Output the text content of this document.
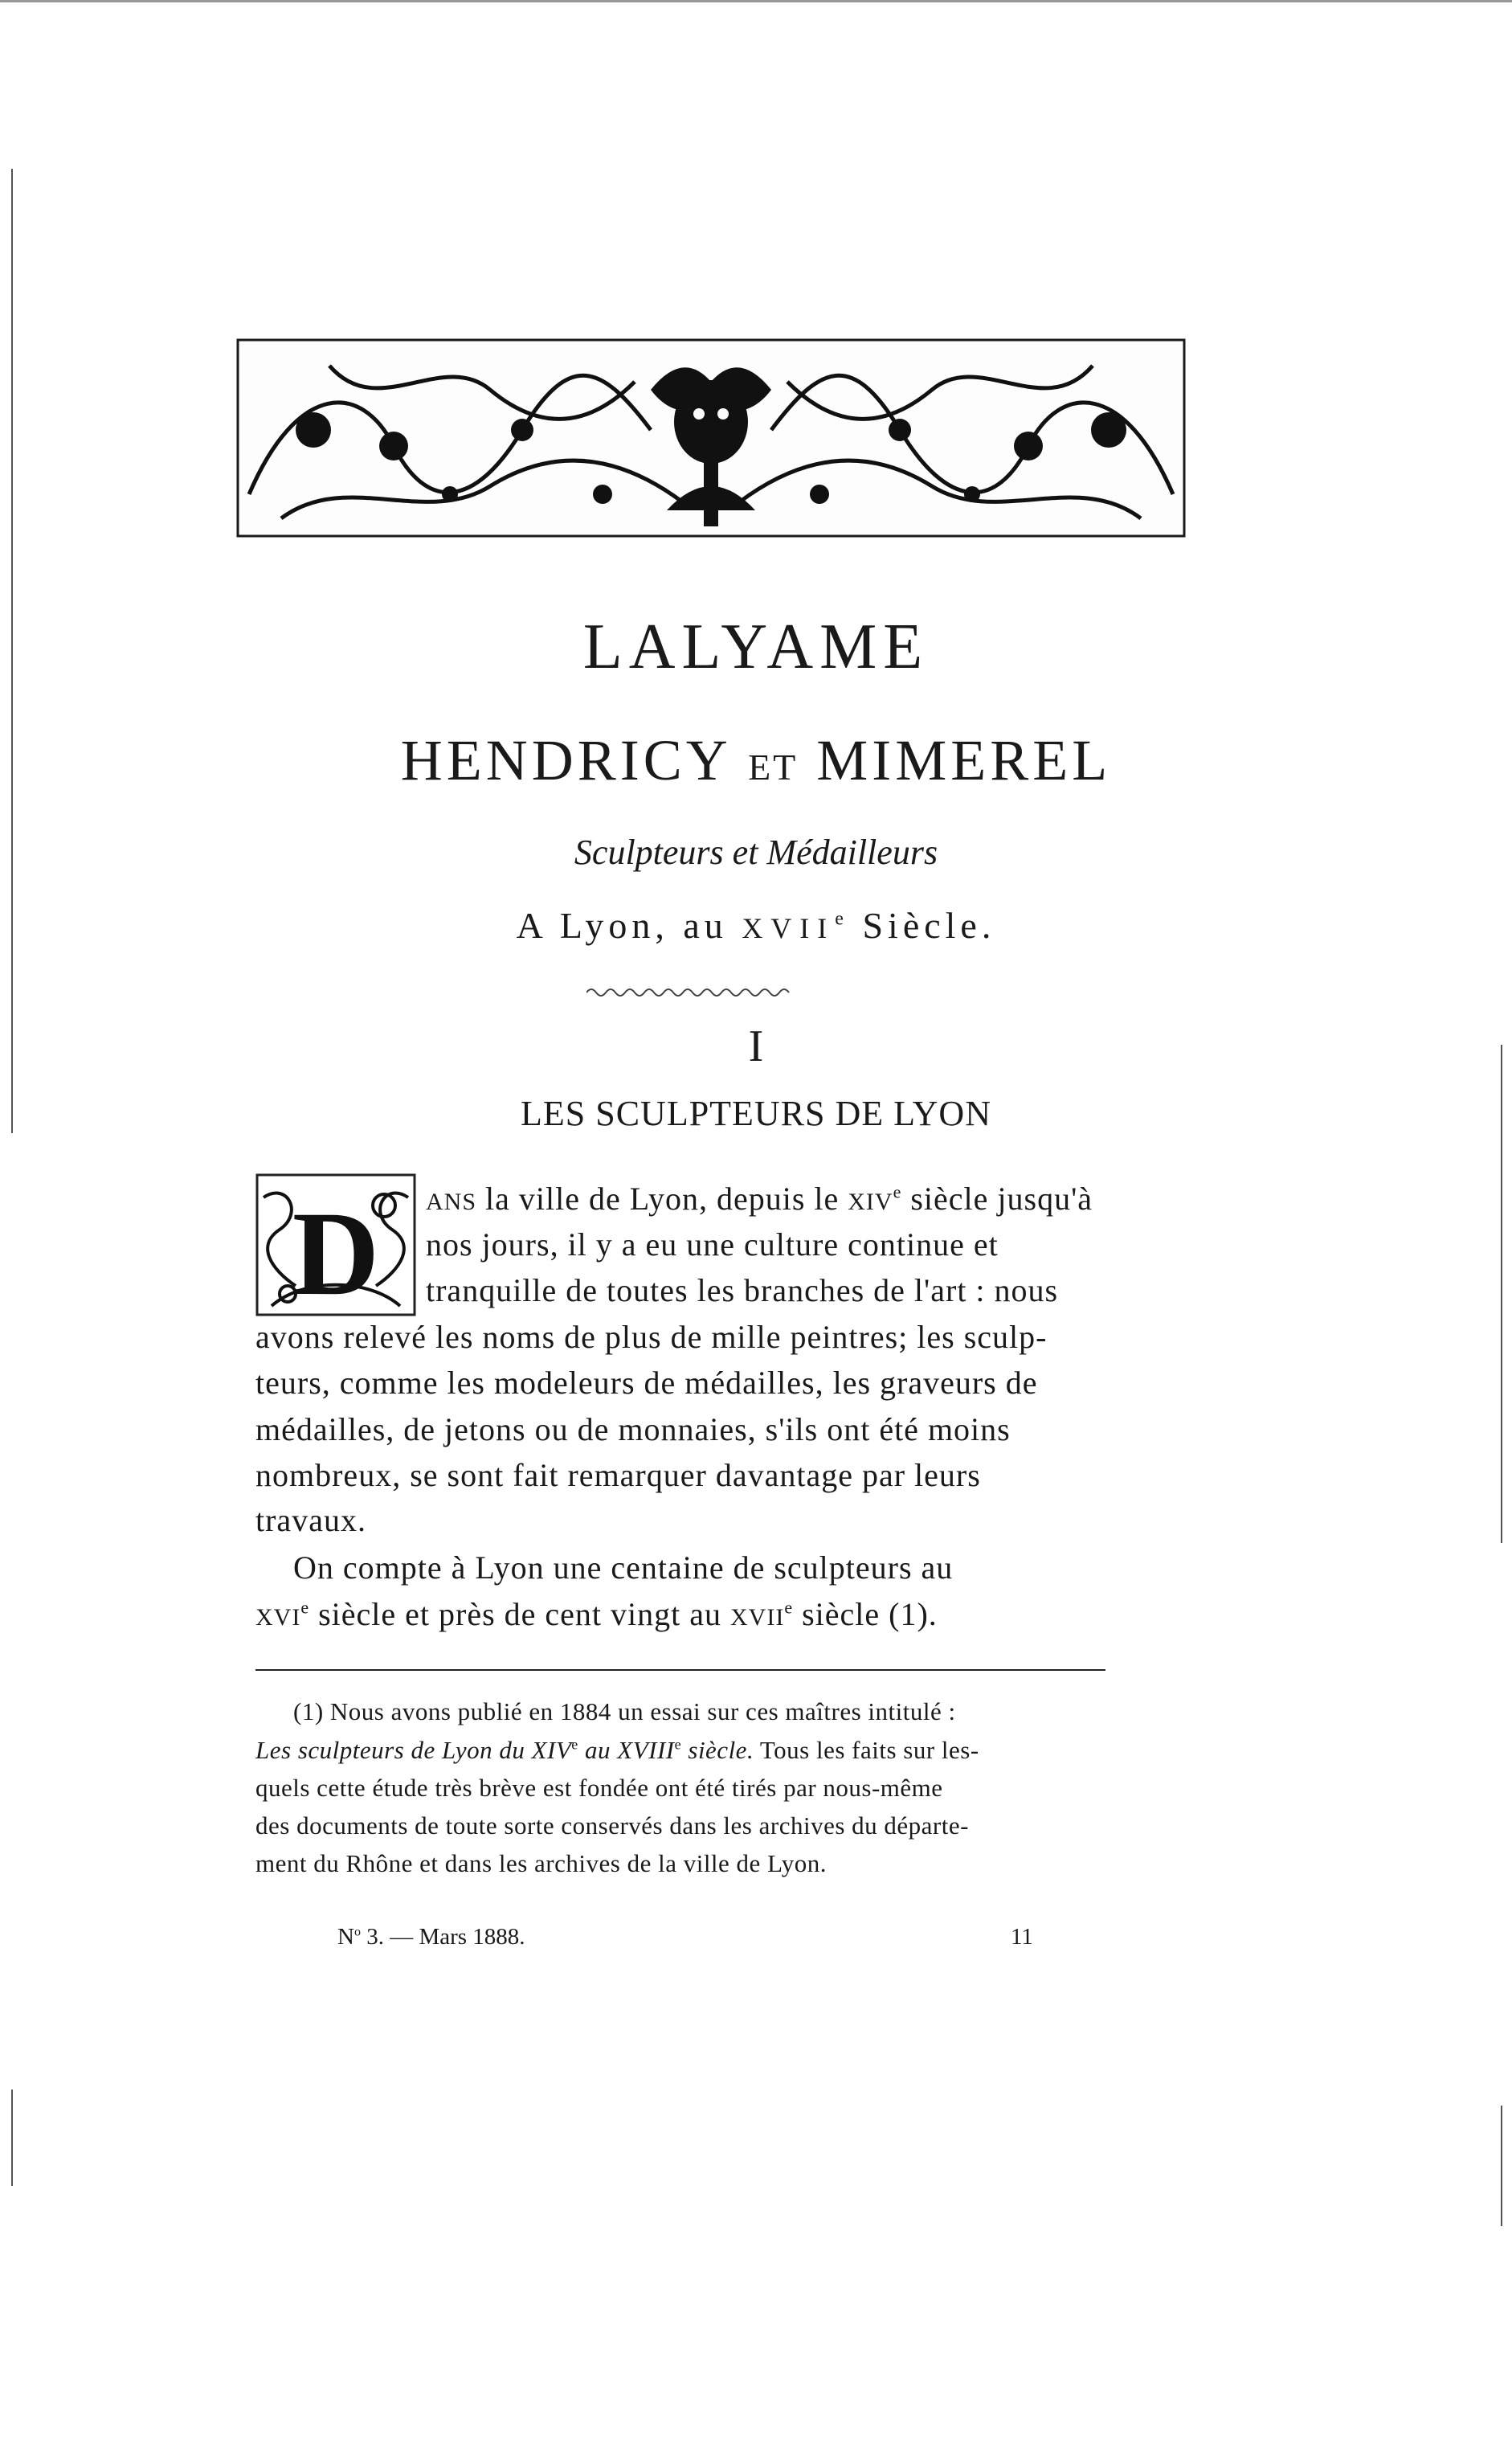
LALYAME
HENDRICY ET MIMEREL
Sculpteurs et Médailleurs
A Lyon, au XVIIe Siècle.
I
LES SCULPTEURS DE LYON
D ANS la ville de Lyon, depuis le XIVe siècle jusqu'à
nos jours, il y a eu une culture continue et
tranquille de toutes les branches de l'art : nous
avons relevé les noms de plus de mille peintres; les sculp-
teurs, comme les modeleurs de médailles, les graveurs de
médailles, de jetons ou de monnaies, s'ils ont été moins
nombreux, se sont fait remarquer davantage par leurs
travaux.
On compte à Lyon une centaine de sculpteurs au
XVIe siècle et près de cent vingt au XVIIe siècle (1).
(1) Nous avons publié en 1884 un essai sur ces maîtres intitulé :
Les sculpteurs de Lyon du XIVe au XVIIIe siècle. Tous les faits sur les-
quels cette étude très brève est fondée ont été tirés par nous-même
des documents de toute sorte conservés dans les archives du départe-
ment du Rhône et dans les archives de la ville de Lyon.
$N^o$ 3. — Mars 1888.	11
